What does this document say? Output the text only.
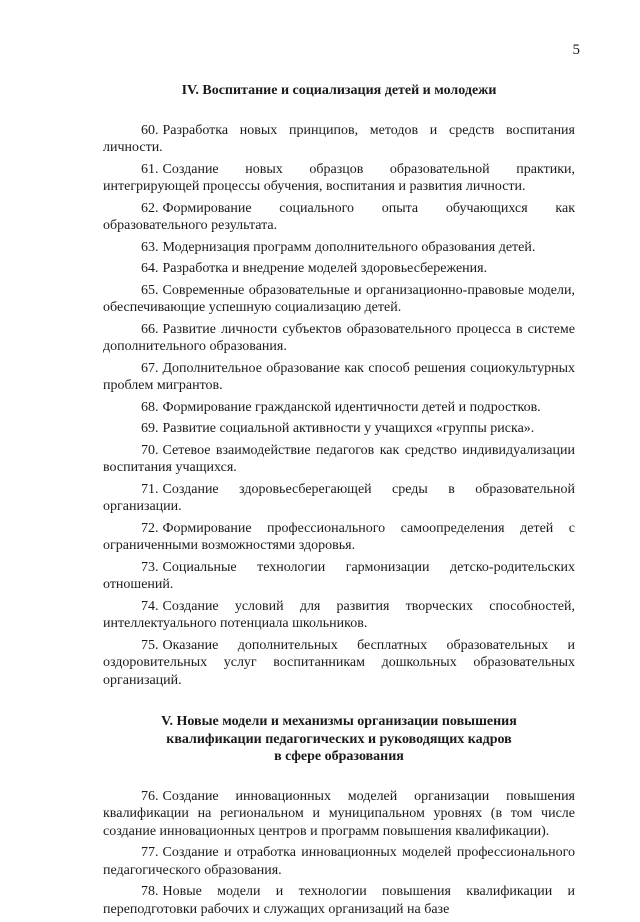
5
IV. Воспитание и социализация детей и молодежи

60. Разработка новых принципов, методов и средств воспитания личности.

61. Создание новых образцов образовательной практики, интегрирующей процессы обучения, воспитания и развития личности.

62. Формирование социального опыта обучающихся как образовательного результата.

63. Модернизация программ дополнительного образования детей.

64. Разработка и внедрение моделей здоровьесбережения.

65. Современные образовательные и организационно-правовые модели, обеспечивающие успешную социализацию детей.

66. Развитие личности субъектов образовательного процесса в системе дополнительного образования.

67. Дополнительное образование как способ решения социокультурных проблем мигрантов.

68. Формирование гражданской идентичности детей и подростков.

69. Развитие социальной активности у учащихся «группы риска».

70. Сетевое взаимодействие педагогов как средство индивидуализации воспитания учащихся.

71. Создание здоровьесберегающей среды в образовательной организации.

72. Формирование профессионального самоопределения детей с ограниченными возможностями здоровья.

73. Социальные технологии гармонизации детско-родительских отношений.

74. Создание условий для развития творческих способностей, интеллектуального потенциала школьников.

75. Оказание дополнительных бесплатных образовательных и оздоровительных услуг воспитанникам дошкольных образовательных организаций.

V. Новые модели и механизмы организации повышения
квалификации педагогических и руководящих кадров
в сфере образования

76. Создание инновационных моделей организации повышения квалификации на региональном и муниципальном уровнях (в том числе создание инновационных центров и программ повышения квалификации).

77. Создание и отработка инновационных моделей профессионального педагогического образования.

78. Новые модели и технологии повышения квалификации и переподготовки рабочих и служащих организаций на базе
